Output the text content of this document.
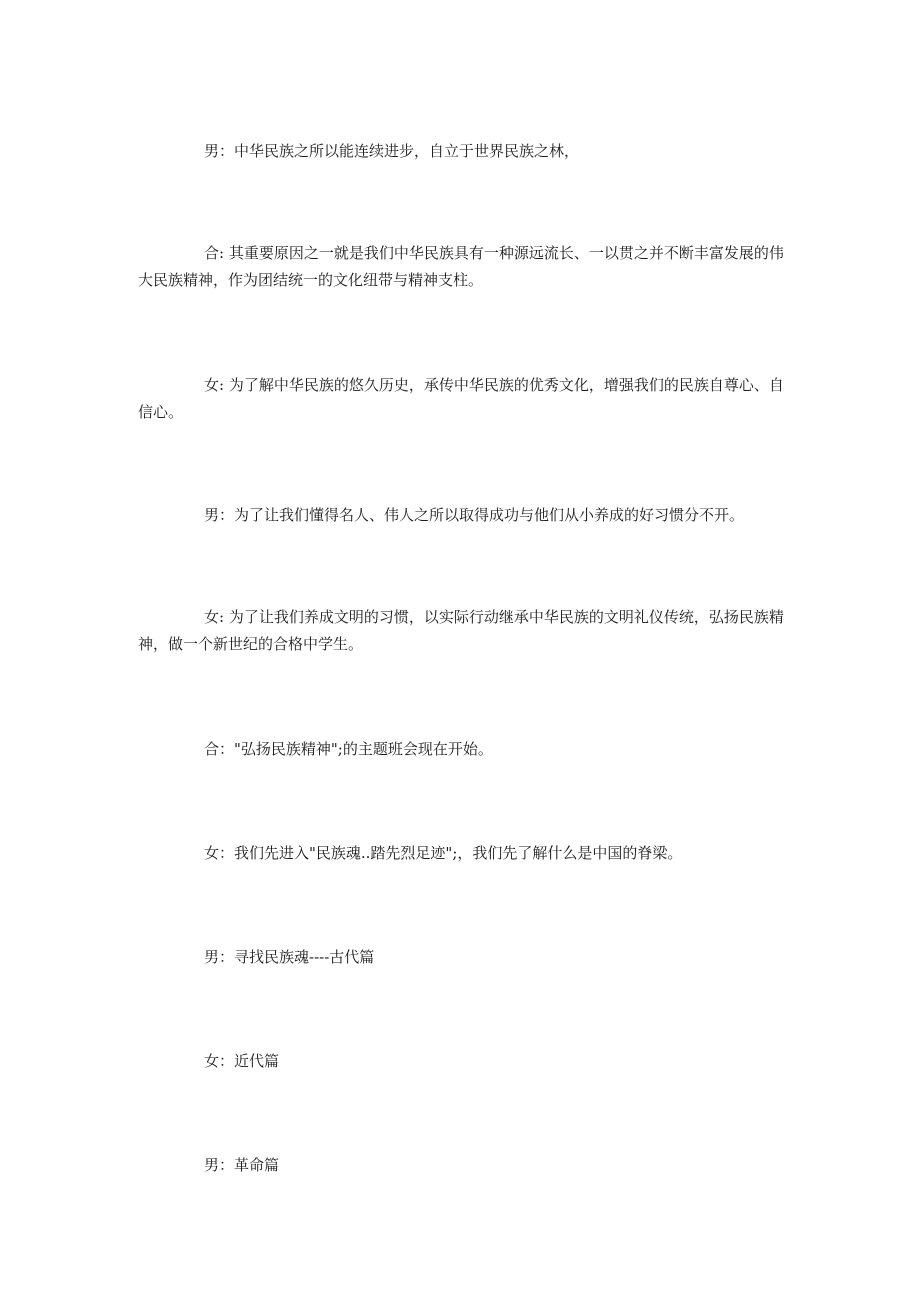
男：中华民族之所以能连续进步，自立于世界民族之林，

合: 其重要原因之一就是我们中华民族具有一种源远流长、一以贯之并不断丰富发展的伟大民族精神，作为团结统一的文化纽带与精神支柱。

女: 为了解中华民族的悠久历史，承传中华民族的优秀文化，增强我们的民族自尊心、自信心。

男：为了让我们懂得名人、伟人之所以取得成功与他们从小养成的好习惯分不开。

女: 为了让我们养成文明的习惯，以实际行动继承中华民族的文明礼仪传统，弘扬民族精神，做一个新世纪的合格中学生。

合："弘扬民族精神";的主题班会现在开始。

女：我们先进入"民族魂..踏先烈足迹";，我们先了解什么是中国的脊梁。

男：寻找民族魂----古代篇

女：近代篇

男：革命篇
